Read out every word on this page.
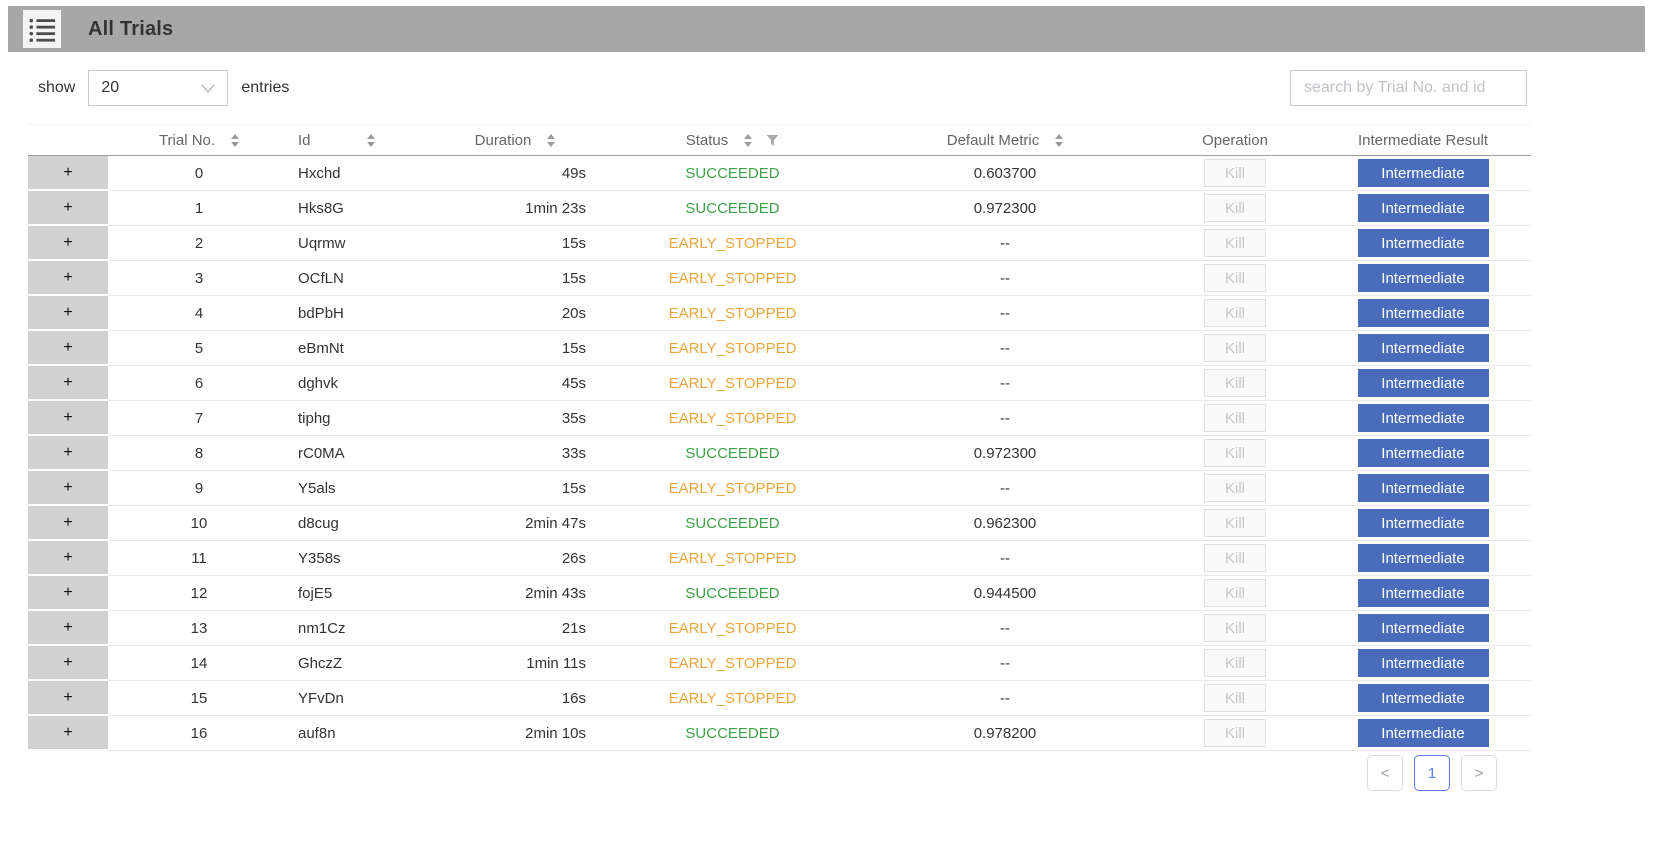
All Trials
show 20	entries
search by Trial No. and id

	Trial No.	Id	Duration	Status	Default Metric	Operation	Intermediate Result

+	0	Hxchd	49s	SUCCEEDED	0.603700	Kill	Intermediate
+	1	Hks8G	1min 23s	SUCCEEDED	0.972300	Kill	Intermediate
+	2	Uqrmw	15s	EARLY_STOPPED	--	Kill	Intermediate
+	3	OCfLN	15s	EARLY_STOPPED	--	Kill	Intermediate
+	4	bdPbH	20s	EARLY_STOPPED	--	Kill	Intermediate
+	5	eBmNt	15s	EARLY_STOPPED	--	Kill	Intermediate
+	6	dghvk	45s	EARLY_STOPPED	--	Kill	Intermediate
+	7	tiphg	35s	EARLY_STOPPED	--	Kill	Intermediate
+	8	rC0MA	33s	SUCCEEDED	0.972300	Kill	Intermediate
+	9	Y5als	15s	EARLY_STOPPED	--	Kill	Intermediate
+	10	d8cug	2min 47s	SUCCEEDED	0.962300	Kill	Intermediate
+	11	Y358s	26s	EARLY_STOPPED	--	Kill	Intermediate
+	12	fojE5	2min 43s	SUCCEEDED	0.944500	Kill	Intermediate
+	13	nm1Cz	21s	EARLY_STOPPED	--	Kill	Intermediate
+	14	GhczZ	1min 11s	EARLY_STOPPED	--	Kill	Intermediate
+	15	YFvDn	16s	EARLY_STOPPED	--	Kill	Intermediate
+	16	auf8n	2min 10s	SUCCEEDED	0.978200	Kill	Intermediate
<	1	>
